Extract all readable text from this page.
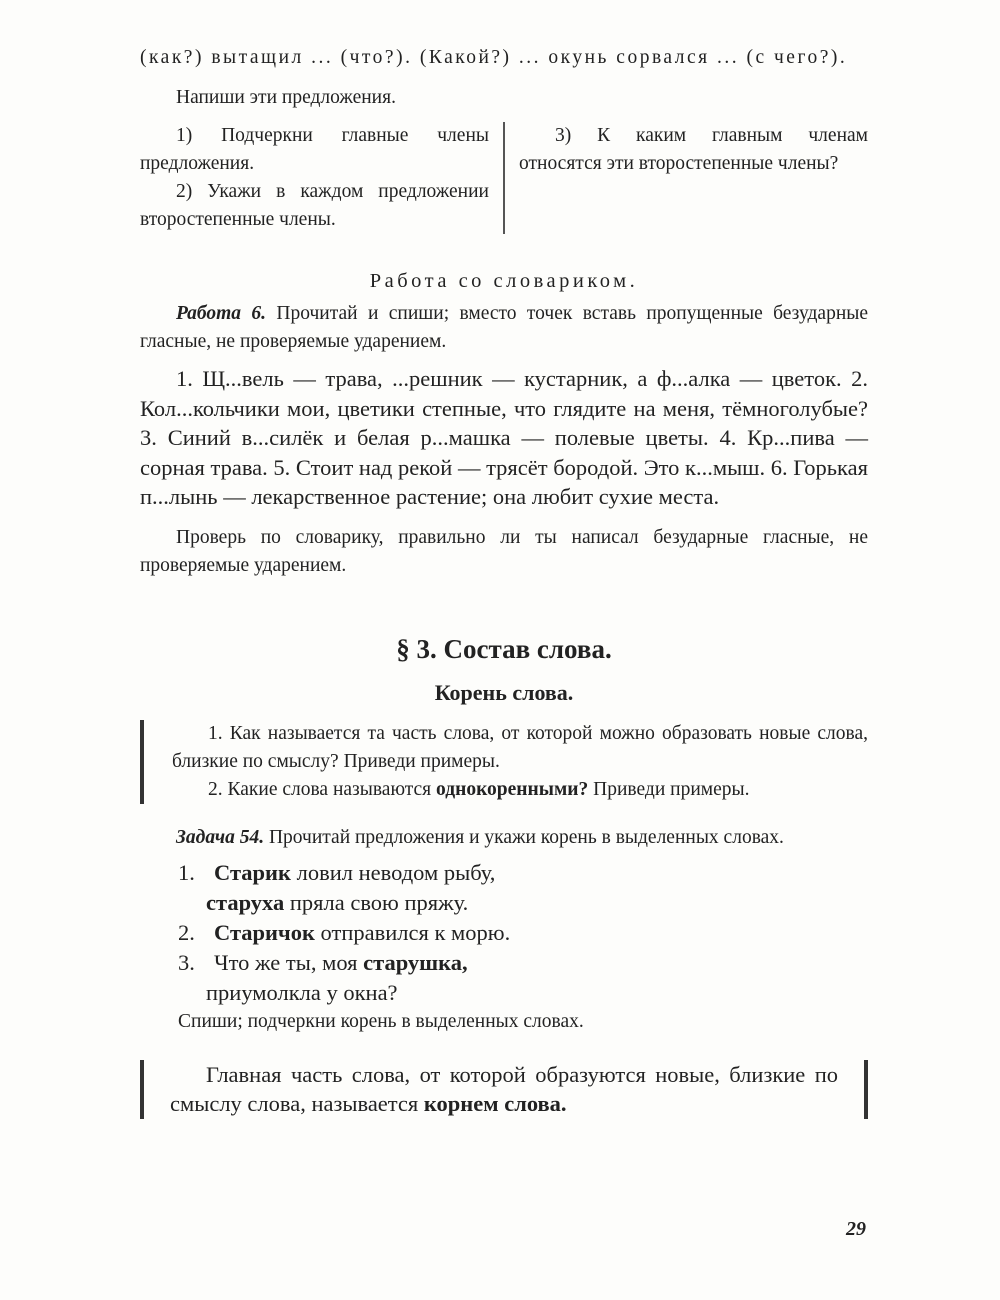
(как?) вытащил ... (что?). (Какой?) ... окунь сорвался ... (с чего?).

Напиши эти предложения.

1) Подчеркни главные члены предложения.

2) Укажи в каждом предложении второстепенные члены.

3) К каким главным членам относятся эти второстепенные члены?

Работа со словариком.

Работа 6. Прочитай и спиши; вместо точек вставь пропущенные безударные гласные, не проверяемые ударением.

1. Щ...вель — трава, ...решник — кустарник, а ф...алка — цветок. 2. Кол...кольчики мои, цветики степные, что глядите на меня, тёмноголубые? 3. Синий в...силёк и белая р...машка — полевые цветы. 4. Кр...пива — сорная трава. 5. Стоит над рекой — трясёт бородой. Это к...мыш. 6. Горькая п...лынь — лекарственное растение; она любит сухие места.

Проверь по словарику, правильно ли ты написал безударные гласные, не проверяемые ударением.

§ 3. Состав слова.

Корень слова.

1. Как называется та часть слова, от которой можно образовать новые слова, близкие по смыслу? Приведи примеры.

2. Какие слова называются однокоренными? Приведи примеры.

Задача 54. Прочитай предложения и укажи корень в выделенных словах.

1. Старик ловил неводом рыбу,
старуха пряла свою пряжу.
2. Старичок отправился к морю.
3. Что же ты, моя старушка,
приумолкла у окна?

Спиши; подчеркни корень в выделенных словах.

Главная часть слова, от которой образуются новые, близкие по смыслу слова, называется корнем слова.

29
